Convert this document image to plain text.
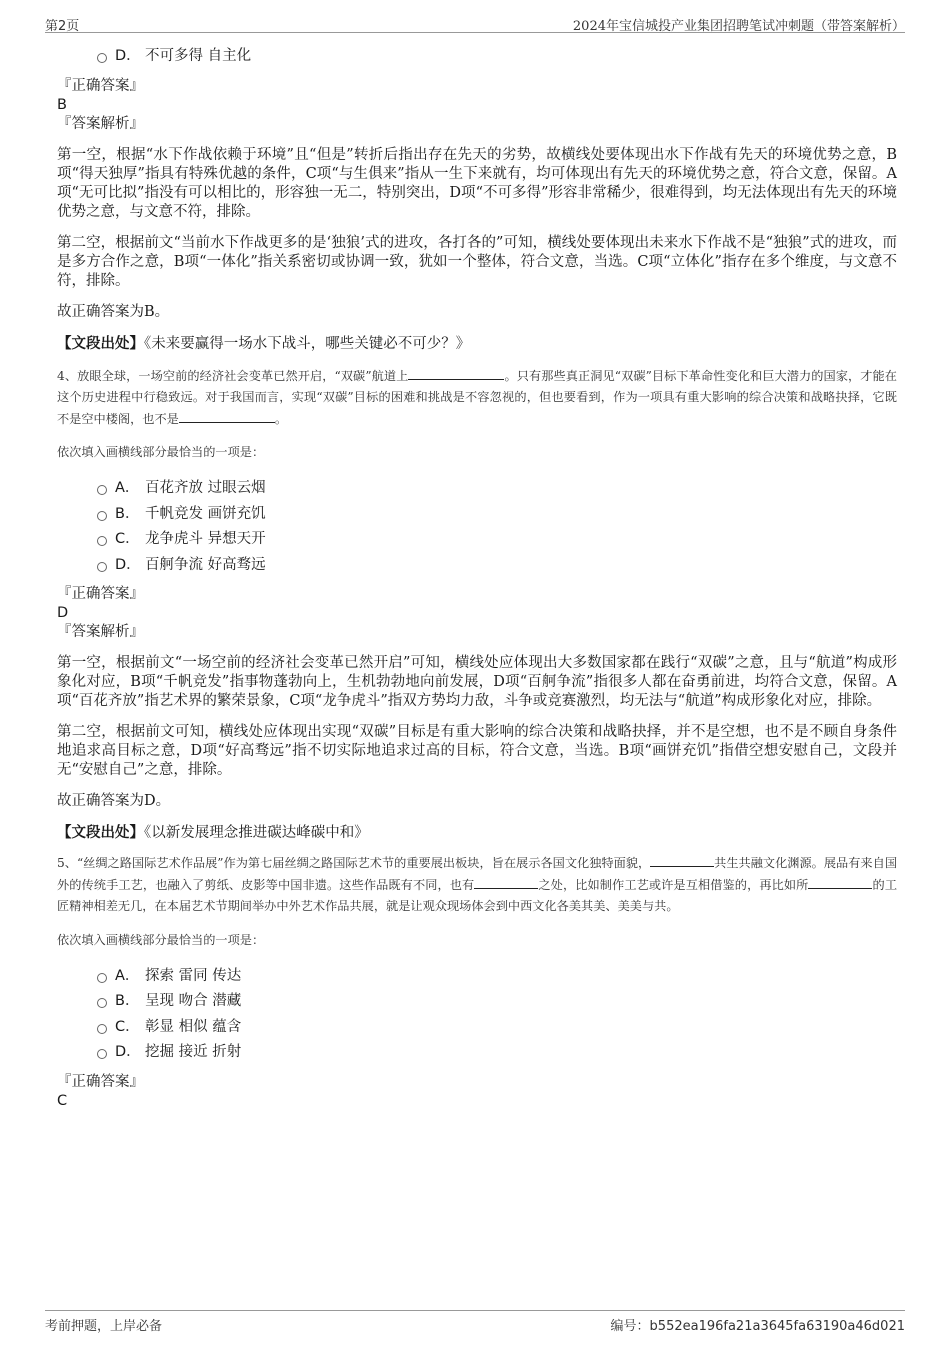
第2页	2024年宝信城投产业集团招聘笔试冲刺题（带答案解析）
D． 不可多得 自主化

『正确答案』

B

『答案解析』

第一空，根据“水下作战依赖于环境”且“但是”转折后指出存在先天的劣势，故横线处要体现出水下作战有先天的环境优势之意，B项“得天独厚”指具有特殊优越的条件，C项“与生俱来”指从一生下来就有，均可体现出有先天的环境优势之意，符合文意，保留。A项“无可比拟”指没有可以相比的，形容独一无二，特别突出，D项“不可多得”形容非常稀少，很难得到，均无法体现出有先天的环境优势之意，与文意不符，排除。

第二空，根据前文“当前水下作战更多的是‘独狼’式的进攻，各打各的”可知，横线处要体现出未来水下作战不是“独狼”式的进攻，而是多方合作之意，B项“一体化”指关系密切或协调一致，犹如一个整体，符合文意，当选。C项“立体化”指存在多个维度，与文意不符，排除。

故正确答案为B。

【文段出处】《未来要赢得一场水下战斗，哪些关键必不可少？》

4、放眼全球，一场空前的经济社会变革已然开启，“双碳”航道上	。只有那些真正洞见“双碳”目标下革命性变化和巨大潜力的国家，才能在这个历史进程中行稳致远。对于我国而言，实现“双碳”目标的困难和挑战是不容忽视的，但也要看到，作为一项具有重大影响的综合决策和战略抉择，它既不是空中楼阁，也不是	。

依次填入画横线部分最恰当的一项是：

A． 百花齐放 过眼云烟
B． 千帆竞发 画饼充饥
C． 龙争虎斗 异想天开
D． 百舸争流 好高骛远

『正确答案』

D

『答案解析』

第一空，根据前文“一场空前的经济社会变革已然开启”可知，横线处应体现出大多数国家都在践行“双碳”之意，且与“航道”构成形象化对应，B项“千帆竞发”指事物蓬勃向上，生机勃勃地向前发展，D项“百舸争流”指很多人都在奋勇前进，均符合文意，保留。A项“百花齐放”指艺术界的繁荣景象，C项“龙争虎斗”指双方势均力敌，斗争或竞赛激烈，均无法与“航道”构成形象化对应，排除。

第二空，根据前文可知，横线处应体现出实现“双碳”目标是有重大影响的综合决策和战略抉择，并不是空想，也不是不顾自身条件地追求高目标之意，D项“好高骛远”指不切实际地追求过高的目标，符合文意，当选。B项“画饼充饥”指借空想安慰自己，文段并无“安慰自己”之意，排除。

故正确答案为D。

【文段出处】《以新发展理念推进碳达峰碳中和》

5、“丝绸之路国际艺术作品展”作为第七届丝绸之路国际艺术节的重要展出板块，旨在展示各国文化独特面貌，	共生共融文化渊源。展品有来自国外的传统手工艺，也融入了剪纸、皮影等中国非遗。这些作品既有不同，也有	之处，比如制作工艺或许是互相借鉴的，再比如所	的工匠精神相差无几，在本届艺术节期间举办中外艺术作品共展，就是让观众现场体会到中西文化各美其美、美美与共。

依次填入画横线部分最恰当的一项是：

A． 探索 雷同 传达
B． 呈现 吻合 潜藏
C． 彰显 相似 蕴含
D． 挖掘 接近 折射

『正确答案』

C

考前押题，上岸必备	编号：b552ea196fa21a3645fa63190a46d021
